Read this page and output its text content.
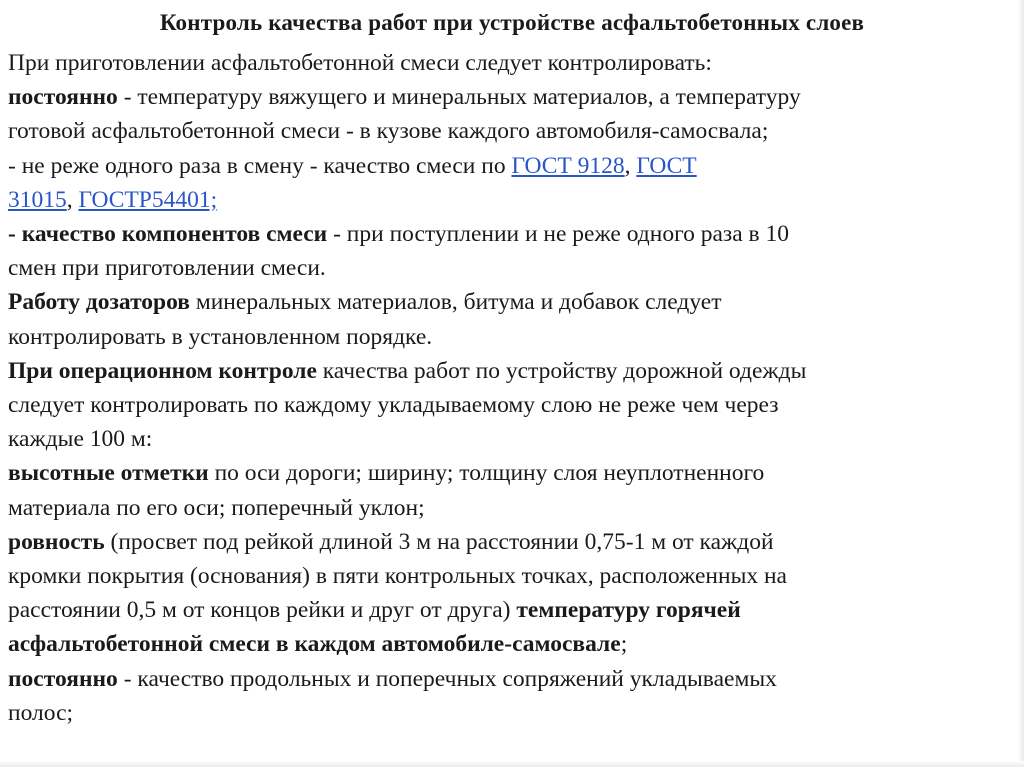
Контроль качества работ при устройстве асфальтобетонных слоев
При приготовлении асфальтобетонной смеси следует контролировать:
постоянно - температуру вяжущего и минеральных материалов, а температуру
готовой асфальтобетонной смеси - в кузове каждого автомобиля-самосвала;
- не реже одного раза в смену - качество смеси по ГОСТ 9128, ГОСТ
31015, ГОСТР54401;
- качество компонентов смеси - при поступлении и не реже одного раза в 10
смен при приготовлении смеси.
Работу дозаторов минеральных материалов, битума и добавок следует
контролировать в установленном порядке.
При операционном контроле качества работ по устройству дорожной одежды
следует контролировать по каждому укладываемому слою не реже чем через
каждые 100 м:
высотные отметки по оси дороги; ширину; толщину слоя неуплотненного
материала по его оси; поперечный уклон;
ровность (просвет под рейкой длиной 3 м на расстоянии 0,75-1 м от каждой
кромки покрытия (основания) в пяти контрольных точках, расположенных на
расстоянии 0,5 м от концов рейки и друг от друга) температуру горячей
асфальтобетонной смеси в каждом автомобиле-самосвале;
постоянно - качество продольных и поперечных сопряжений укладываемых
полос;
